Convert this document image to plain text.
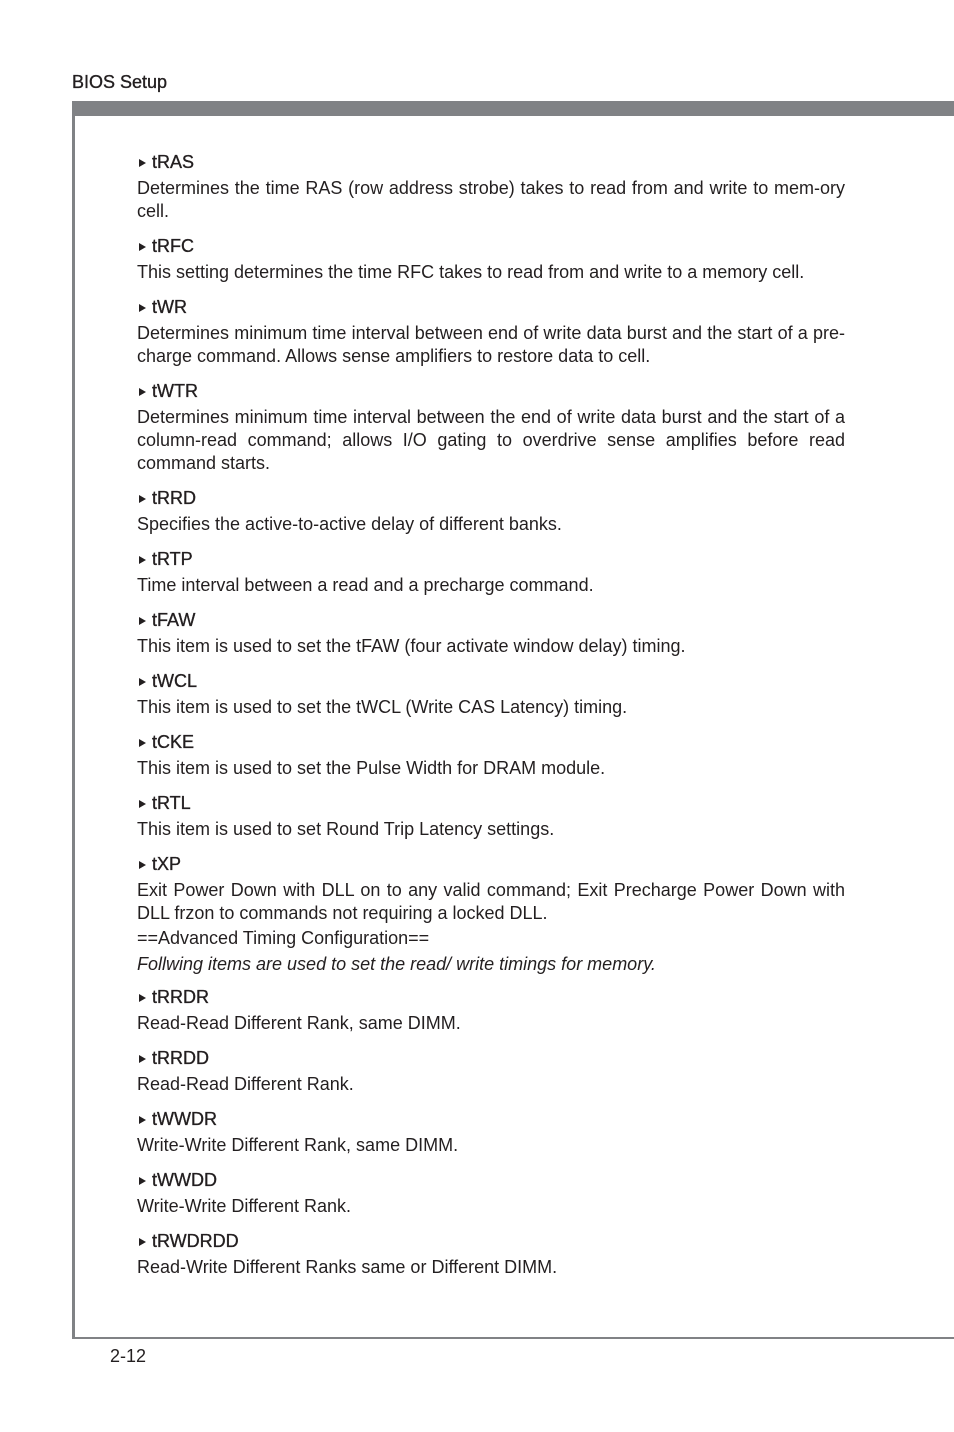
BIOS Setup
tRAS

Determines the time RAS (row address strobe) takes to read from and write to mem-ory cell.

tRFC

This setting determines the time RFC takes to read from and write to a memory cell.

tWR

Determines minimum time interval between end of write data burst and the start of a pre-charge command. Allows sense amplifiers to restore data to cell.

tWTR

Determines minimum time interval between the end of write data burst and the start of a column-read command; allows I/O gating to overdrive sense amplifies before read command starts.

tRRD

Specifies the active-to-active delay of different banks.

tRTP

Time interval between a read and a precharge command.

tFAW

This item is used to set the tFAW (four activate window delay) timing.

tWCL

This item is used to set the tWCL (Write CAS Latency) timing.

tCKE

This item is used to set the Pulse Width for DRAM module.

tRTL

This item is used to set Round Trip Latency settings.

tXP

Exit Power Down with DLL on to any valid command; Exit Precharge Power Down with DLL frzon to commands not requiring a locked DLL.

==Advanced Timing Configuration==

Follwing items are used to set the read/ write timings for memory.

tRRDR

Read-Read Different Rank, same DIMM.

tRRDD

Read-Read Different Rank.

tWWDR

Write-Write Different Rank, same DIMM.

tWWDD

Write-Write Different Rank.

tRWDRDD

Read-Write Different Ranks same or Different DIMM.

2-12
